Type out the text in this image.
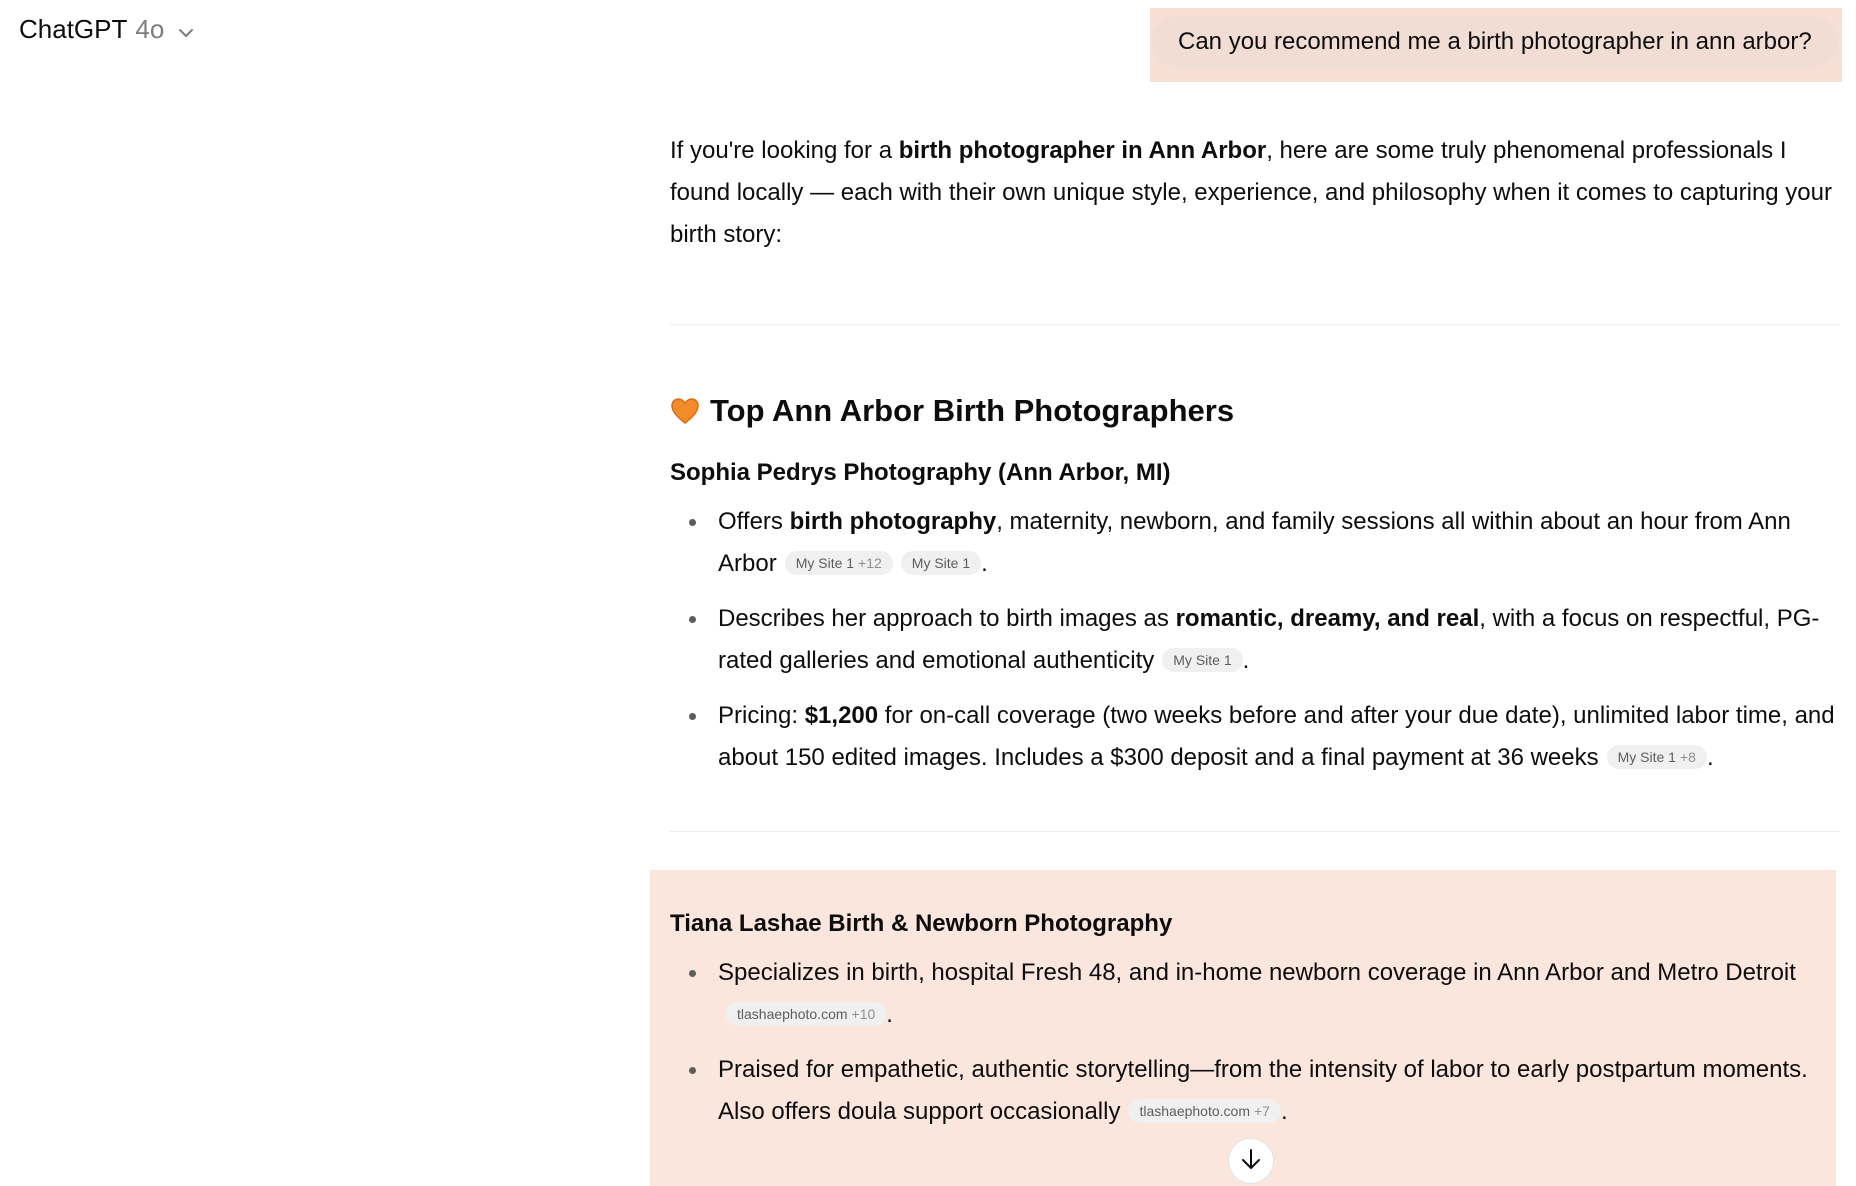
ChatGPT 4o	Can you recommend me a birth photographer in ann arbor?

If you're looking for a birth photographer in Ann Arbor, here are some truly phenomenal professionals I found locally — each with their own unique style, experience, and philosophy when it comes to capturing your birth story:

Top Ann Arbor Birth Photographers
Sophia Pedrys Photography (Ann Arbor, MI)
Offers birth photography, maternity, newborn, and family sessions all within about an hour from Ann Arbor My Site 1 +12 My Site 1 .
Describes her approach to birth images as romantic, dreamy, and real, with a focus on respectful, PG-rated galleries and emotional authenticity My Site 1 .
Pricing: $1,200 for on-call coverage (two weeks before and after your due date), unlimited labor time, and about 150 edited images. Includes a $300 deposit and a final payment at 36 weeks My Site 1 +8 .
Tiana Lashae Birth & Newborn Photography
Specializes in birth, hospital Fresh 48, and in-home newborn coverage in Ann Arbor and Metro Detroittlashaephoto.com +10 .
Praised for empathetic, authentic storytelling—from the intensity of labor to early postpartum moments. Also offers doula support occasionally tlashaephoto.com +7 .
